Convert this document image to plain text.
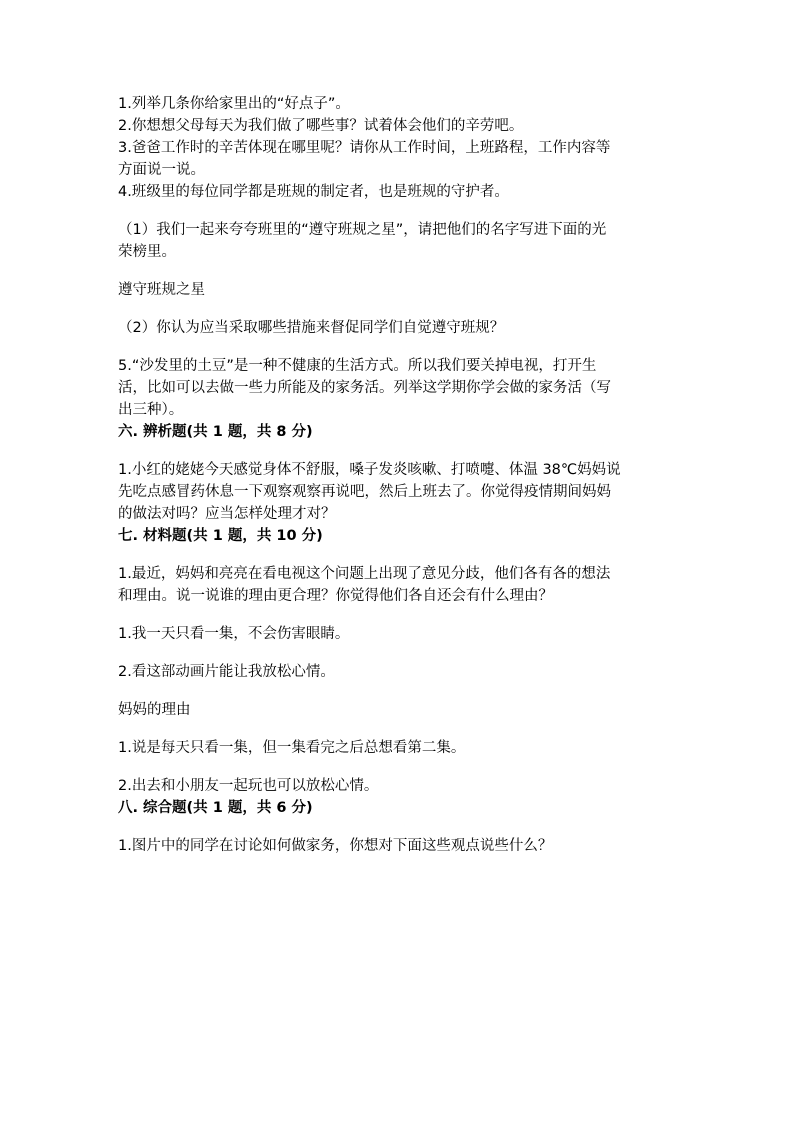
1.列举几条你给家里出的“好点子”。

2.你想想父母每天为我们做了哪些事？试着体会他们的辛劳吧。

3.爸爸工作时的辛苦体现在哪里呢？请你从工作时间，上班路程，工作内容等

方面说一说。

4.班级里的每位同学都是班规的制定者，也是班规的守护者。

（1）我们一起来夸夸班里的“遵守班规之星”，请把他们的名字写进下面的光

荣榜里。

遵守班规之星

（2）你认为应当采取哪些措施来督促同学们自觉遵守班规？

5.“沙发里的土豆”是一种不健康的生活方式。所以我们要关掉电视，打开生

活，比如可以去做一些力所能及的家务活。列举这学期你学会做的家务活（写

出三种）。

六. 辨析题(共 1 题，共 8 分)

1.小红的姥姥今天感觉身体不舒服，嗓子发炎咳嗽、打喷嚏、体温 38℃妈妈说

先吃点感冒药休息一下观察观察再说吧，然后上班去了。你觉得疫情期间妈妈

的做法对吗？应当怎样处理才对？

七. 材料题(共 1 题，共 10 分)

1.最近，妈妈和亮亮在看电视这个问题上出现了意见分歧，他们各有各的想法

和理由。说一说谁的理由更合理？你觉得他们各自还会有什么理由？

1.我一天只看一集，不会伤害眼睛。

2.看这部动画片能让我放松心情。

妈妈的理由

1.说是每天只看一集，但一集看完之后总想看第二集。

2.出去和小朋友一起玩也可以放松心情。

八. 综合题(共 1 题，共 6 分)

1.图片中的同学在讨论如何做家务，你想对下面这些观点说些什么？
